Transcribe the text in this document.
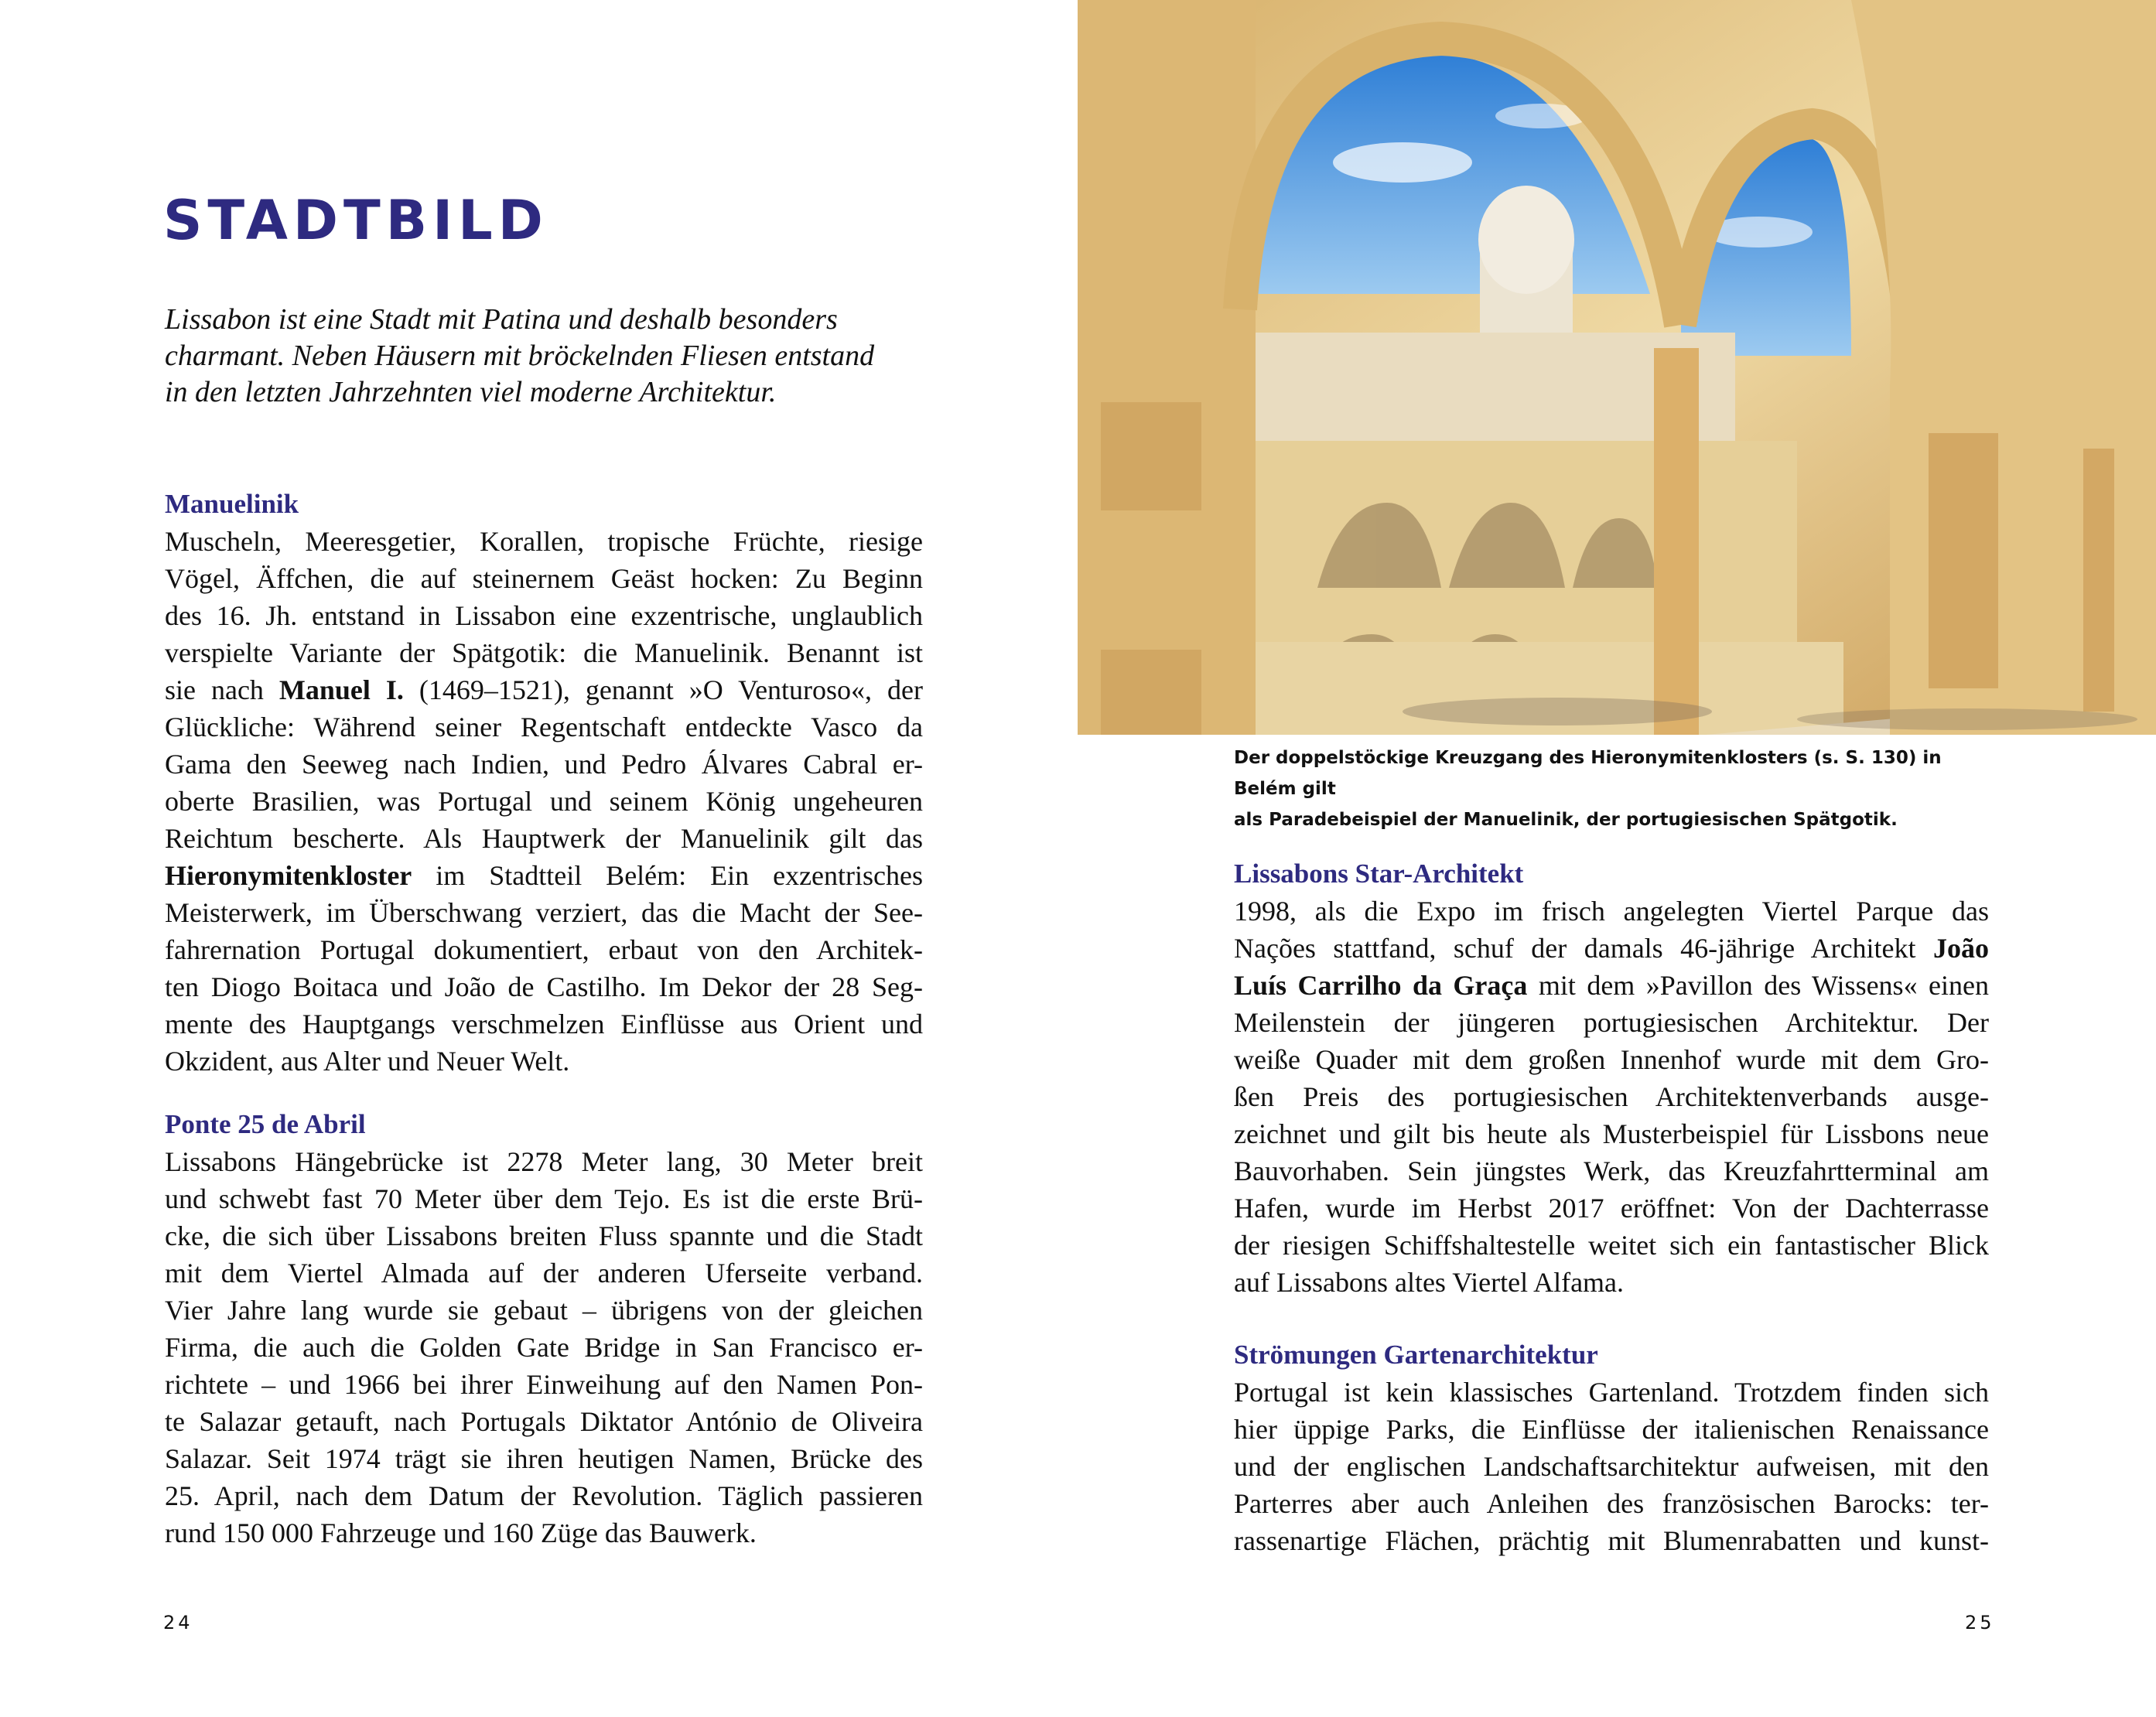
STADTBILD
Lissabon ist eine Stadt mit Patina und deshalb besonders
charmant. Neben Häusern mit bröckelnden Fliesen entstand
in den letzten Jahrzehnten viel moderne Architektur.
Manuelinik
Muscheln, Meeresgetier, Korallen, tropische Früchte, riesige
Vögel, Äffchen, die auf steinernem Geäst hocken: Zu Beginn
des 16. Jh. entstand in Lissabon eine exzentrische, unglaublich
verspielte Variante der Spätgotik: die Manuelinik. Benannt ist
sie nach Manuel I. (1469–1521), genannt »O Venturoso«, der
Glückliche: Während seiner Regentschaft entdeckte Vasco da
Gama den Seeweg nach Indien, und Pedro Álvares Cabral er-
oberte Brasilien, was Portugal und seinem König ungeheuren
Reichtum bescherte. Als Hauptwerk der Manuelinik gilt das
Hieronymitenkloster im Stadtteil Belém: Ein exzentrisches
Meisterwerk, im Überschwang verziert, das die Macht der See-
fahrernation Portugal dokumentiert, erbaut von den Architek-
ten Diogo Boitaca und João de Castilho. Im Dekor der 28 Seg-
mente des Hauptgangs verschmelzen Einflüsse aus Orient und
Okzident, aus Alter und Neuer Welt.
Ponte 25 de Abril
Lissabons Hängebrücke ist 2278 Meter lang, 30 Meter breit
und schwebt fast 70 Meter über dem Tejo. Es ist die erste Brü-
cke, die sich über Lissabons breiten Fluss spannte und die Stadt
mit dem Viertel Almada auf der anderen Uferseite verband.
Vier Jahre lang wurde sie gebaut – übrigens von der gleichen
Firma, die auch die Golden Gate Bridge in San Francisco er-
richtete – und 1966 bei ihrer Einweihung auf den Namen Pon-
te Salazar getauft, nach Portugals Diktator António de Oliveira
Salazar. Seit 1974 trägt sie ihren heutigen Namen, Brücke des
25. April, nach dem Datum der Revolution. Täglich passieren
rund 150 000 Fahrzeuge und 160 Züge das Bauwerk.
24
Der doppelstöckige Kreuzgang des Hieronymitenklosters (s. S. 130) in Belém gilt
als Paradebeispiel der Manuelinik, der portugiesischen Spätgotik.
Lissabons Star-Architekt
1998, als die Expo im frisch angelegten Viertel Parque das
Nações stattfand, schuf der damals 46-jährige Architekt João
Luís Carrilho da Graça mit dem »Pavillon des Wissens« einen
Meilenstein der jüngeren portugiesischen Architektur. Der
weiße Quader mit dem großen Innenhof wurde mit dem Gro-
ßen Preis des portugiesischen Architektenverbands ausge-
zeichnet und gilt bis heute als Musterbeispiel für Lissbons neue
Bauvorhaben. Sein jüngstes Werk, das Kreuzfahrtterminal am
Hafen, wurde im Herbst 2017 eröffnet: Von der Dachterrasse
der riesigen Schiffshaltestelle weitet sich ein fantastischer Blick
auf Lissabons altes Viertel Alfama.
Strömungen Gartenarchitektur
Portugal ist kein klassisches Gartenland. Trotzdem finden sich
hier üppige Parks, die Einflüsse der italienischen Renaissance
und der englischen Landschaftsarchitektur aufweisen, mit den
Parterres aber auch Anleihen des französischen Barocks: ter-
rassenartige Flächen, prächtig mit Blumenrabatten und kunst-
25
